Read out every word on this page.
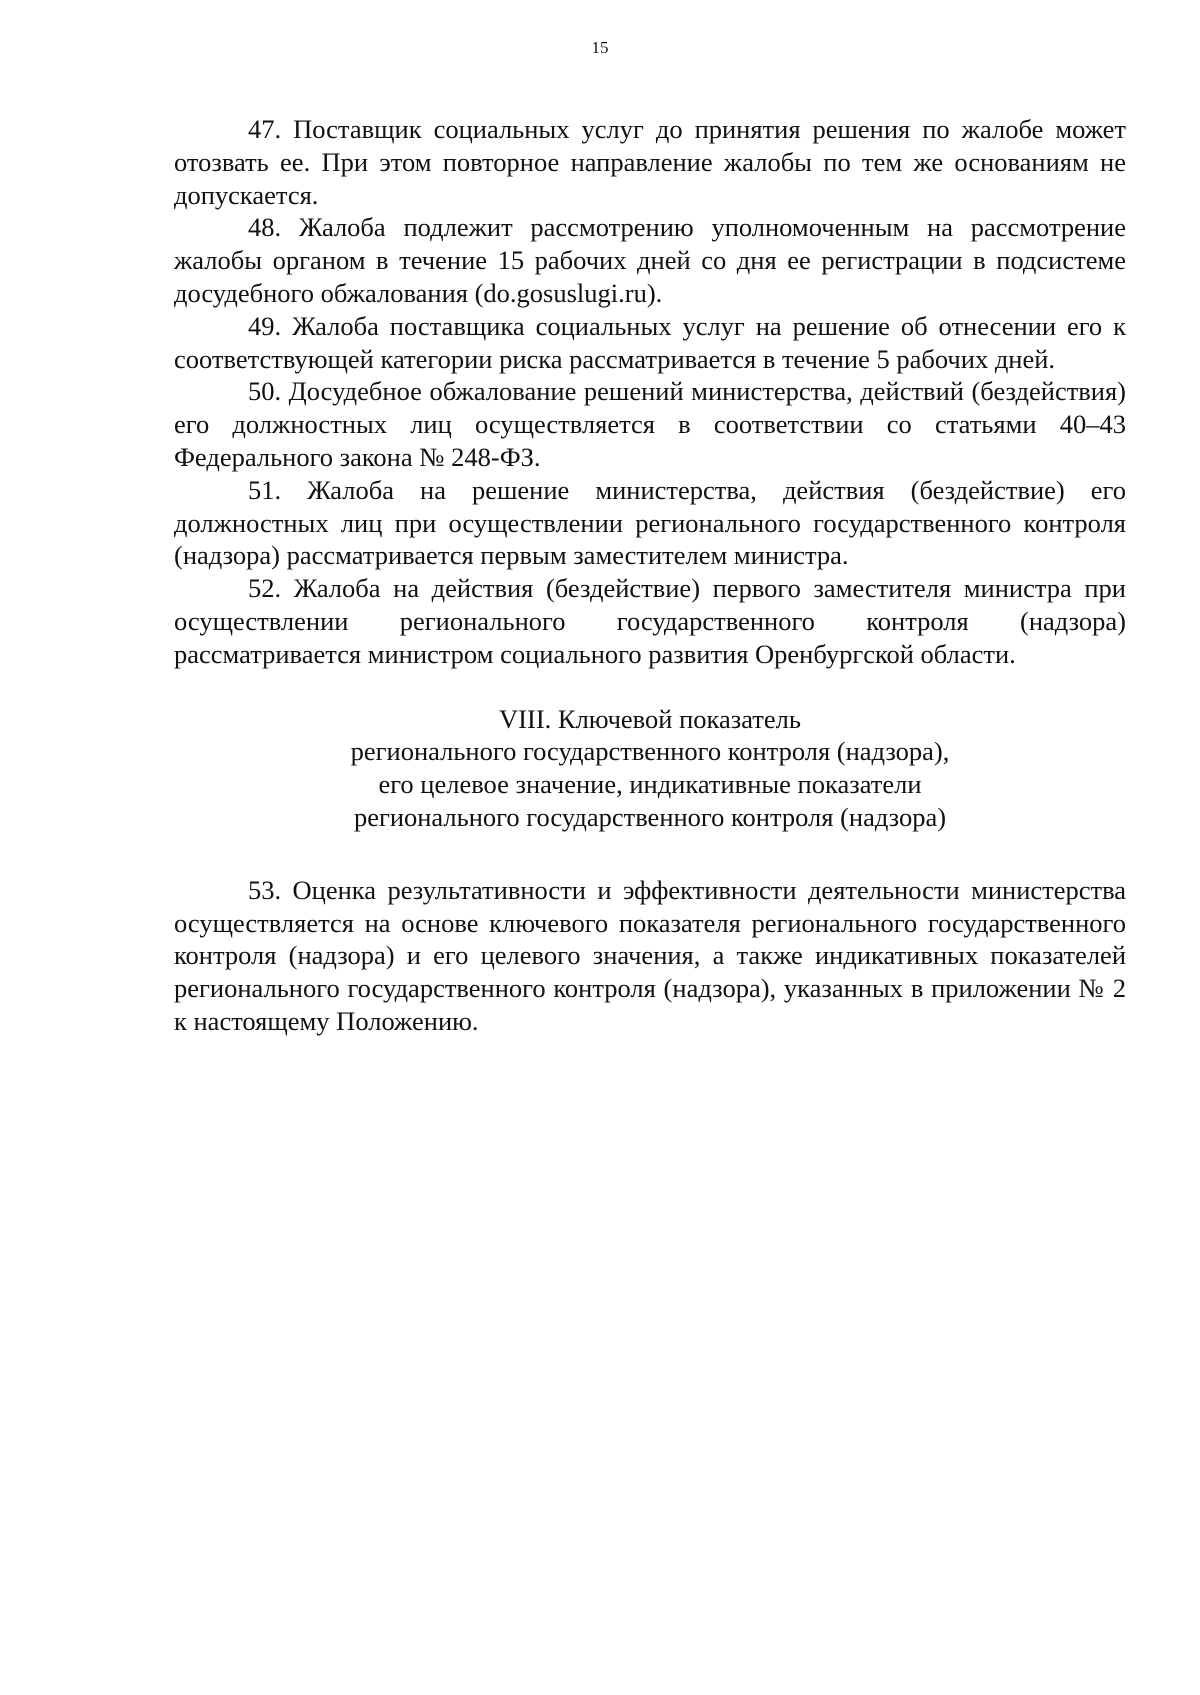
15

47. Поставщик социальных услуг до принятия решения по жалобе может отозвать ее. При этом повторное направление жалобы по тем же основаниям не допускается.

48. Жалоба подлежит рассмотрению уполномоченным на рассмотрение жалобы органом в течение 15 рабочих дней со дня ее регистрации в подсистеме досудебного обжалования (do.gosuslugi.ru).

49. Жалоба поставщика социальных услуг на решение об отнесении его к соответствующей категории риска рассматривается в течение 5 рабочих дней.

50. Досудебное обжалование решений министерства, действий (бездействия) его должностных лиц осуществляется в соответствии со статьями 40–43 Федерального закона № 248-ФЗ.

51. Жалоба на решение министерства, действия (бездействие) его должностных лиц при осуществлении регионального государственного контроля (надзора) рассматривается первым заместителем министра.

52. Жалоба на действия (бездействие) первого заместителя министра при осуществлении регионального государственного контроля (надзора) рассматривается министром социального развития Оренбургской области.

VIII. Ключевой показатель
регионального государственного контроля (надзора),
его целевое значение, индикативные показатели
регионального государственного контроля (надзора)

53. Оценка результативности и эффективности деятельности министерства осуществляется на основе ключевого показателя регионального государственного контроля (надзора) и его целевого значения, а также индикативных показателей регионального государственного контроля (надзора), указанных в приложении № 2 к настоящему Положению.
